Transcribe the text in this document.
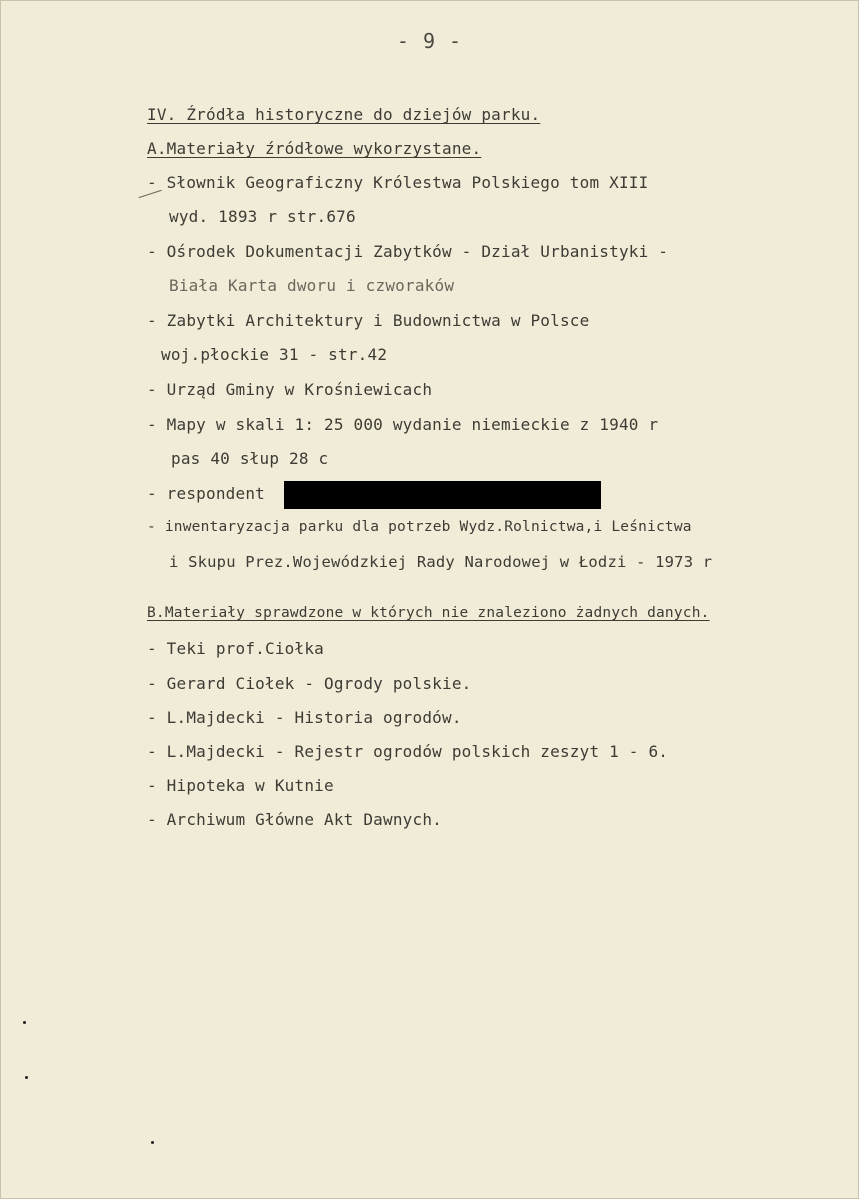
- 9 -
IV. Źródła historyczne do dziejów parku.
A.Materiały źródłowe wykorzystane.
- Słownik Geograficzny Królestwa Polskiego tom XIII
wyd. 1893 r str.676
- Ośrodek Dokumentacji Zabytków - Dział Urbanistyki -
Biała Karta dworu i czworaków
- Zabytki Architektury i Budownictwa w Polsce
woj.płockie 31 - str.42
- Urząd Gminy w Krośniewicach
- Mapy w skali 1: 25 000 wydanie niemieckie z 1940 r
pas 40 słup 28 c
- respondent
- inwentaryzacja parku dla potrzeb Wydz.Rolnictwa,i Leśnictwa
i Skupu Prez.Wojewódzkiej Rady Narodowej w Łodzi - 1973 r
B.Materiały sprawdzone w których nie znaleziono żadnych danych.
- Teki prof.Ciołka
- Gerard Ciołek - Ogrody polskie.
- L.Majdecki - Historia ogrodów.
- L.Majdecki - Rejestr ogrodów polskich zeszyt 1 - 6.
- Hipoteka w Kutnie
- Archiwum Główne Akt Dawnych.
